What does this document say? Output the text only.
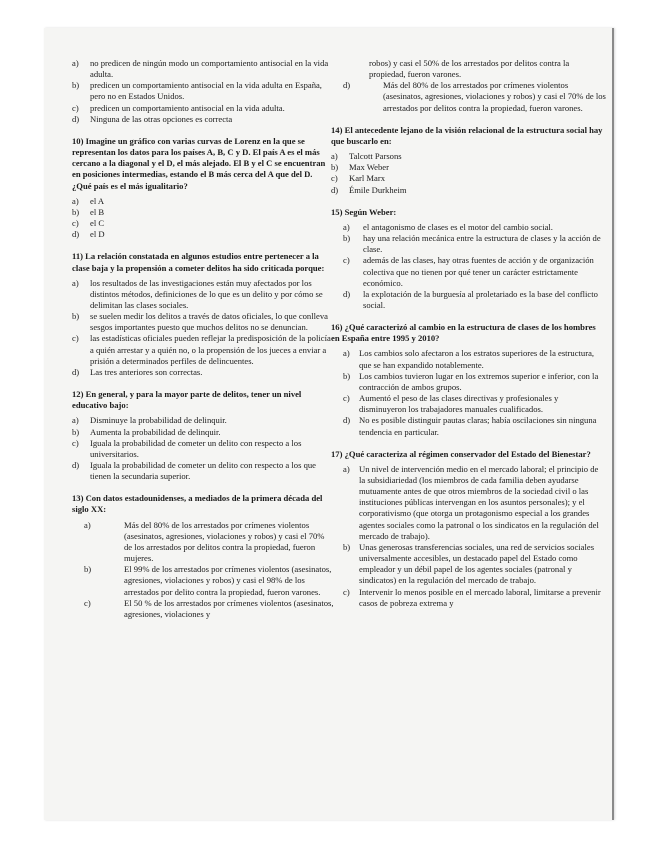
a)	no predicen de ningún modo un comportamiento antisocial en la vida adulta.
b)	predicen un comportamiento antisocial en la vida adulta en España, pero no en Estados Unidos.
c)	predicen un comportamiento antisocial en la vida adulta.
d)	Ninguna de las otras opciones es correcta

10) Imagine un gráfico con varias curvas de Lorenz en la que se representan los datos para los países A, B, C y D. El país A es el más cercano a la diagonal y el D, el más alejado. El B y el C se encuentran en posiciones intermedias, estando el B más cerca del A que del D. ¿Qué país es el más igualitario?

a)	el A
b)	el B
c)	el C
d)	el D

11) La relación constatada en algunos estudios entre pertenecer a la clase baja y la propensión a cometer delitos ha sido criticada porque:

a)	los resultados de las investigaciones están muy afectados por los distintos métodos, definiciones de lo que es un delito y por cómo se delimitan las clases sociales.
b)	se suelen medir los delitos a través de datos oficiales, lo que conlleva sesgos importantes puesto que muchos delitos no se denuncian.
c)	las estadísticas oficiales pueden reflejar la predisposición de la policía a quién arrestar y a quién no, o la propensión de los jueces a enviar a prisión a determinados perfiles de delincuentes.
d)	Las tres anteriores son correctas.

12) En general, y para la mayor parte de delitos, tener un nivel educativo bajo:

a)	Disminuye la probabilidad de delinquir.
b)	Aumenta la probabilidad de delinquir.
c)	Iguala la probabilidad de cometer un delito con respecto a los universitarios.
d)	Iguala la probabilidad de cometer un delito con respecto a los que tienen la secundaria superior.

13) Con datos estadounidenses, a mediados de la primera década del siglo XX:

a)	Más del 80% de los arrestados por crímenes violentos (asesinatos, agresiones, violaciones y robos) y casi el 70% de los arrestados por delitos contra la propiedad, fueron mujeres.
b)	El 99% de los arrestados por crímenes violentos (asesinatos, agresiones, violaciones y robos) y casi el 98% de los arrestados por delito contra la propiedad, fueron varones.
c)	El 50 % de los arrestados por crímenes violentos (asesinatos, agresiones, violaciones y
robos) y casi el 50% de los arrestados por delitos contra la propiedad, fueron varones.
d)	Más del 80% de los arrestados por crímenes violentos (asesinatos, agresiones, violaciones y robos) y casi el 70% de los arrestados por delitos contra la propiedad, fueron varones.

14) El antecedente lejano de la visión relacional de la estructura social hay que buscarlo en:

a)	Talcott Parsons
b)	Max Weber
c)	Karl Marx
d)	Émile Durkheim

15) Según Weber:

a)	el antagonismo de clases es el motor del cambio social.
b)	hay una relación mecánica entre la estructura de clases y la acción de clase.
c)	además de las clases, hay otras fuentes de acción y de organización colectiva que no tienen por qué tener un carácter estrictamente económico.
d)	la explotación de la burguesía al proletariado es la base del conflicto social.

16) ¿Qué caracterizó al cambio en la estructura de clases de los hombres en España entre 1995 y 2010?

a)	Los cambios solo afectaron a los estratos superiores de la estructura, que se han expandido notablemente.
b)	Los cambios tuvieron lugar en los extremos superior e inferior, con la contracción de ambos grupos.
c)	Aumentó el peso de las clases directivas y profesionales y disminuyeron los trabajadores manuales cualificados.
d)	No es posible distinguir pautas claras; había oscilaciones sin ninguna tendencia en particular.

17) ¿Qué caracteriza al régimen conservador del Estado del Bienestar?

a)	Un nivel de intervención medio en el mercado laboral; el principio de la subsidiariedad (los miembros de cada familia deben ayudarse mutuamente antes de que otros miembros de la sociedad civil o las instituciones públicas intervengan en los asuntos personales); y el corporativismo (que otorga un protagonismo especial a los grandes agentes sociales como la patronal o los sindicatos en la regulación del mercado de trabajo).
b)	Unas generosas transferencias sociales, una red de servicios sociales universalmente accesibles, un destacado papel del Estado como empleador y un débil papel de los agentes sociales (patronal y sindicatos) en la regulación del mercado de trabajo.
c)	Intervenir lo menos posible en el mercado laboral, limitarse a prevenir casos de pobreza extrema y
